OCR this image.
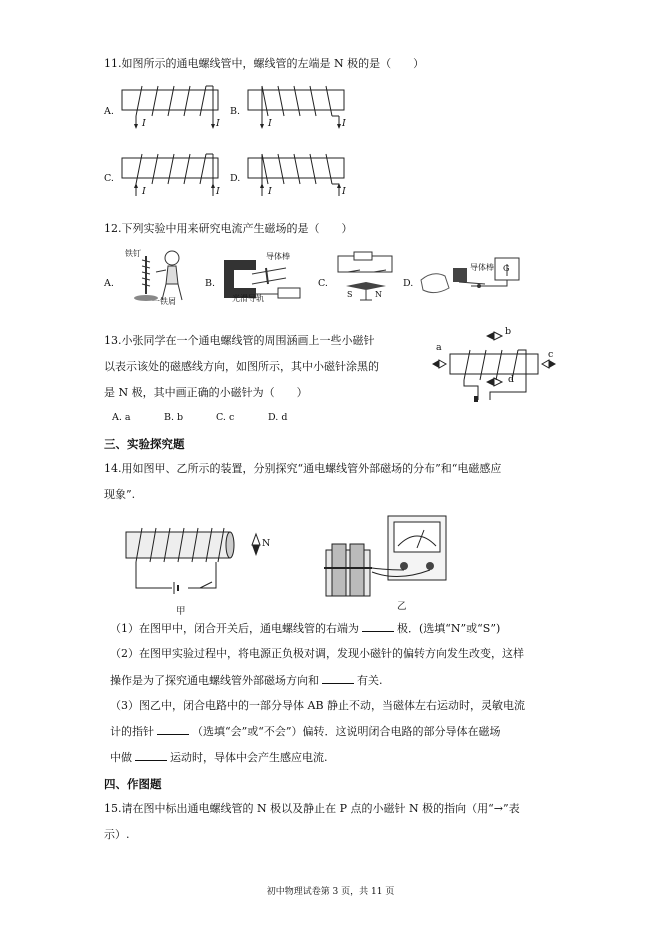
11.如图所示的通电螺线管中，螺线管的左端是 N 极的是（　　）
A.
I	I
B.
I	I
C.
I	I
D.
I	I
12.下列实验中用来研究电流产生磁场的是（　　）
A.
铁钉
一铁屑
B.
导体棒
光滑导轨
C.
S	N
D.
导体棒 G
13.小张同学在一个通电螺线管的周围涵画上一些小磁针
以表示该处的磁感线方向，如图所示，其中小磁针涂黑的
是 N 极，其中画正确的小磁针为（　　）
A. a	B. b	C. c	D. d
a
b
c
d
三、实验探究题
14.用如图甲、乙所示的装置，分别探究“通电螺线管外部磁场的分布”和“电磁感应
现象”.
N
甲	乙
（1）在图甲中，闭合开关后，通电螺线管的右端为	极．(选填“N”或“S”)
（2）在图甲实验过程中，将电源正负极对调，发现小磁针的偏转方向发生改变，这样
操作是为了探究通电螺线管外部磁场方向和	有关.
（3）图乙中，闭合电路中的一部分导体 AB 静止不动，当磁体左右运动时，灵敏电流
计的指针	（选填“会”或“不会”）偏转．这说明闭合电路的部分导体在磁场
中做	运动时，导体中会产生感应电流.
四、作图题
15.请在图中标出通电螺线管的 N 极以及静止在 P 点的小磁针 N 极的指向（用“→”表
示）.
初中物理试卷第 3 页，共 11 页
